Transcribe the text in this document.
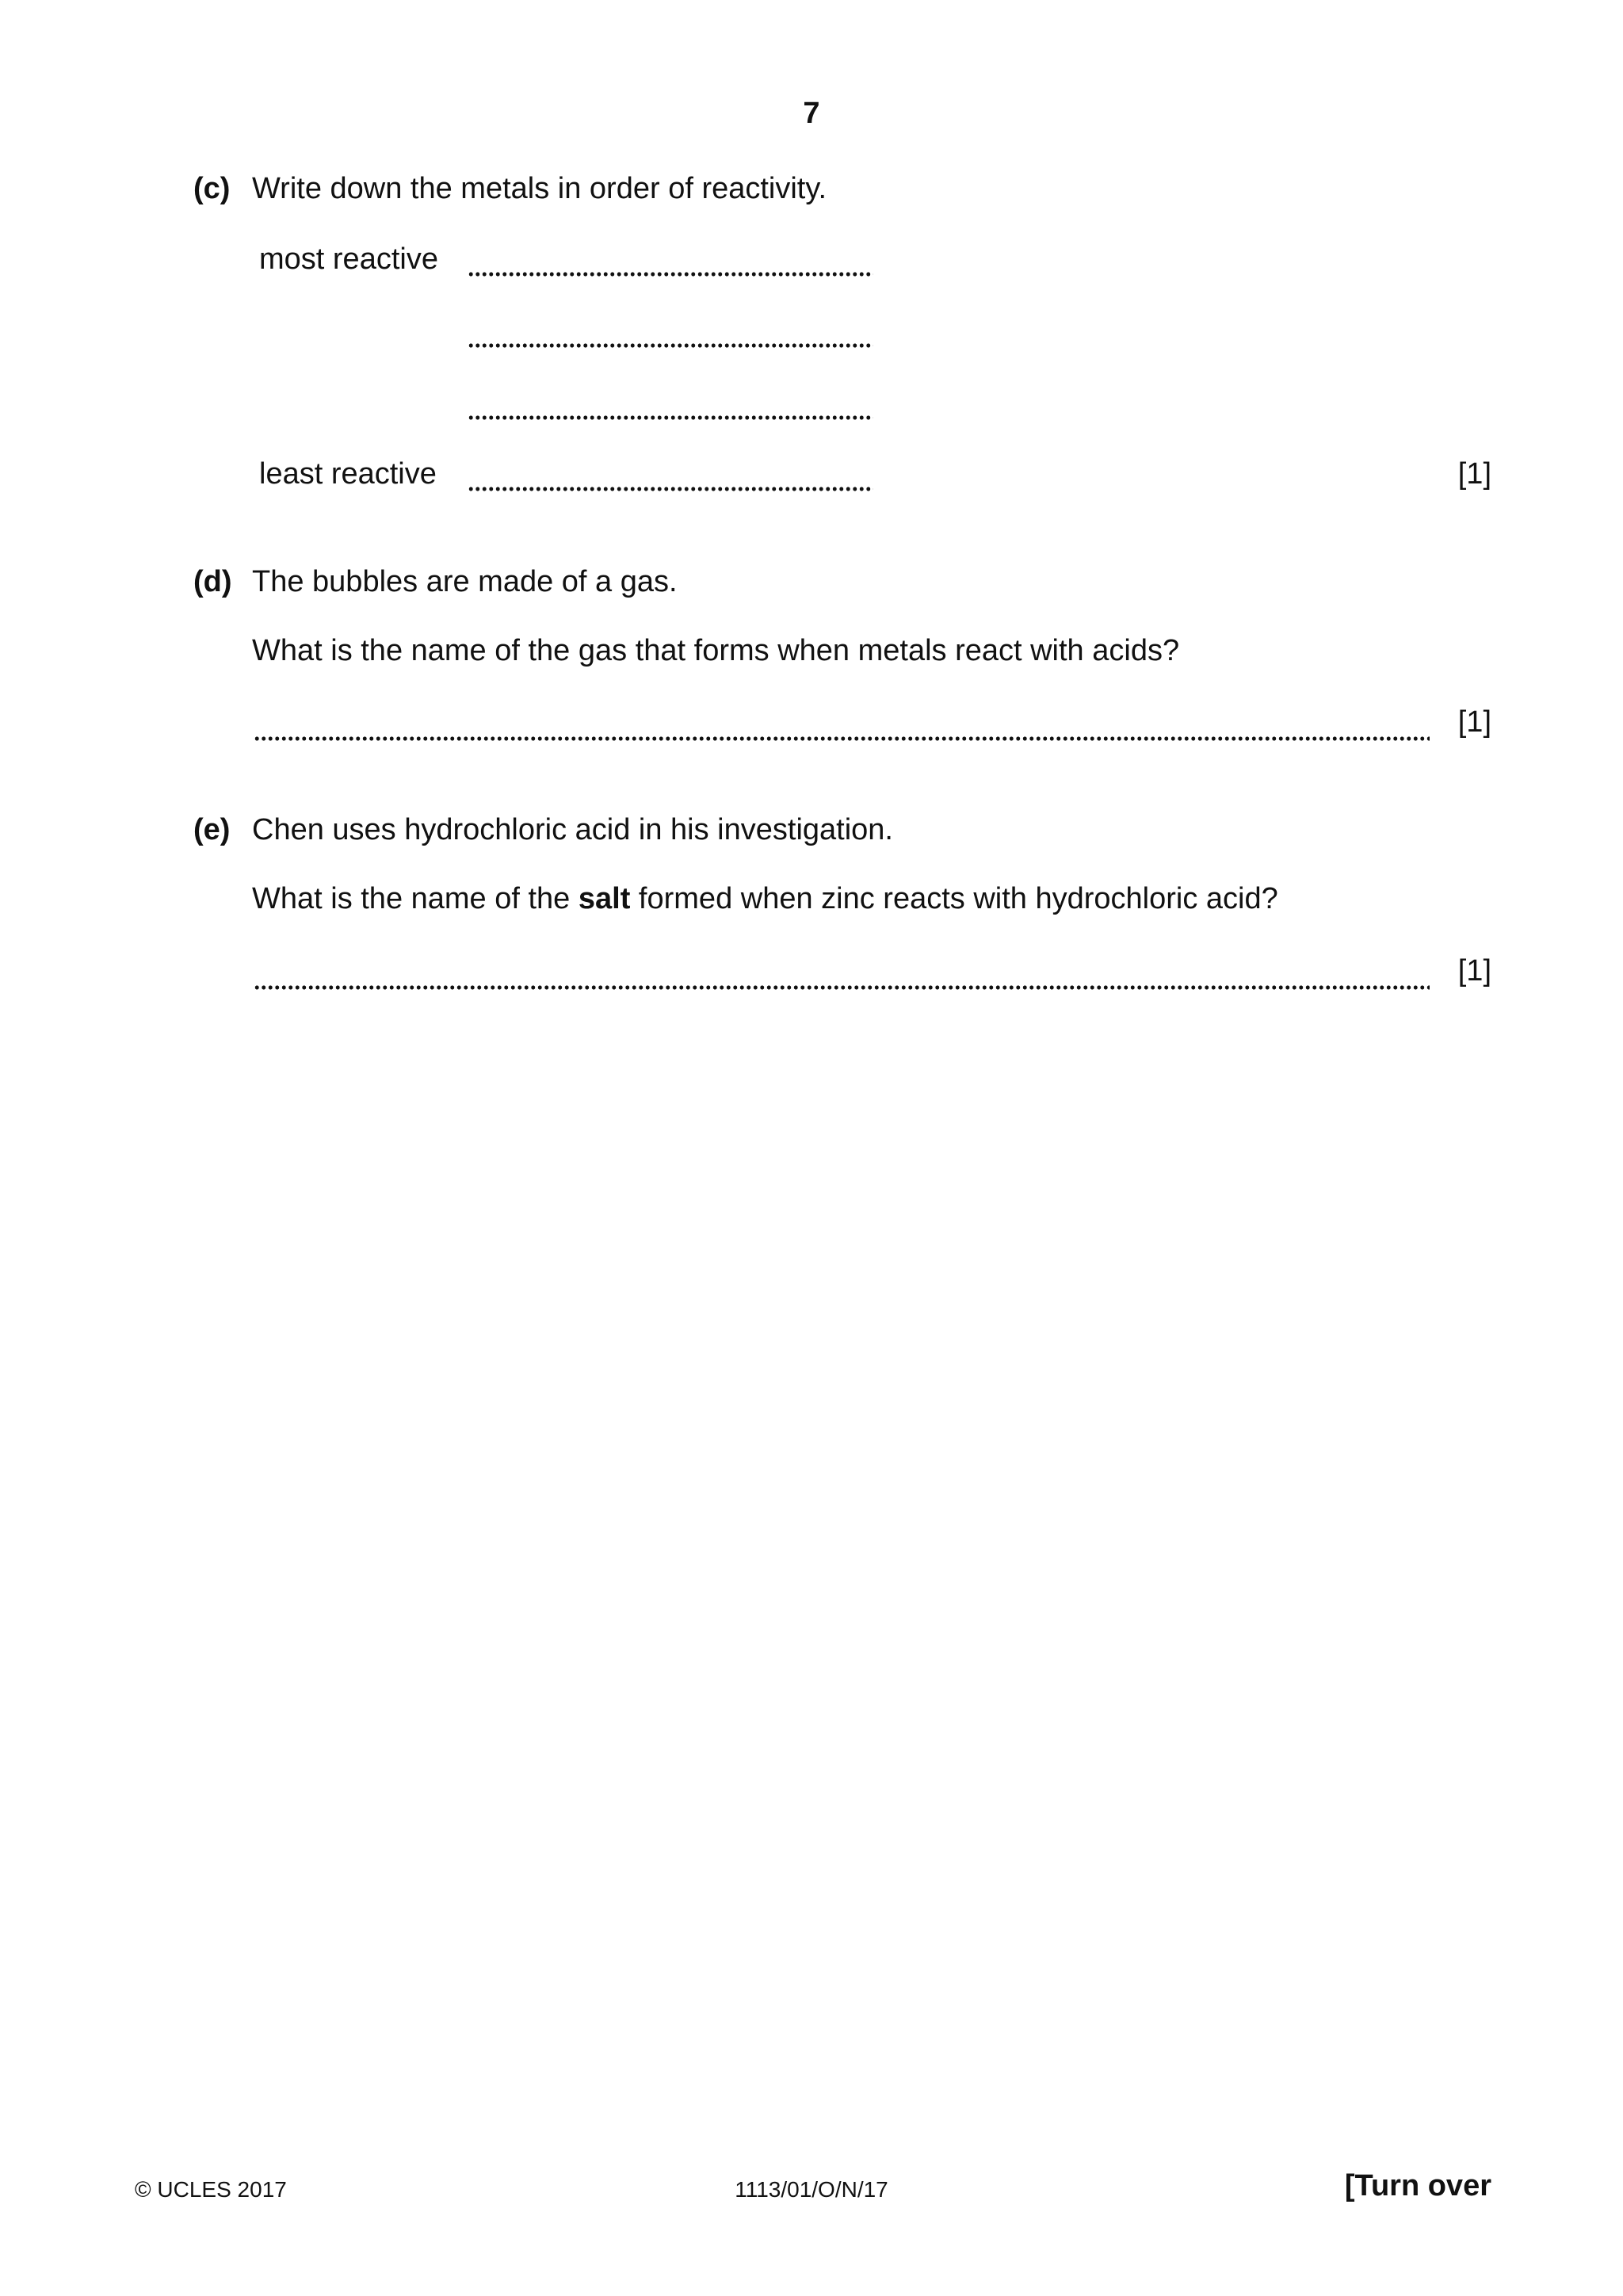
7
(c) Write down the metals in order of reactivity.
most reactive
least reactive	[1]
(d) The bubbles are made of a gas.
What is the name of the gas that forms when metals react with acids?
[1]
(e) Chen uses hydrochloric acid in his investigation.
What is the name of the salt formed when zinc reacts with hydrochloric acid?
[1]
© UCLES 2017	1113/01/O/N/17	[Turn over
